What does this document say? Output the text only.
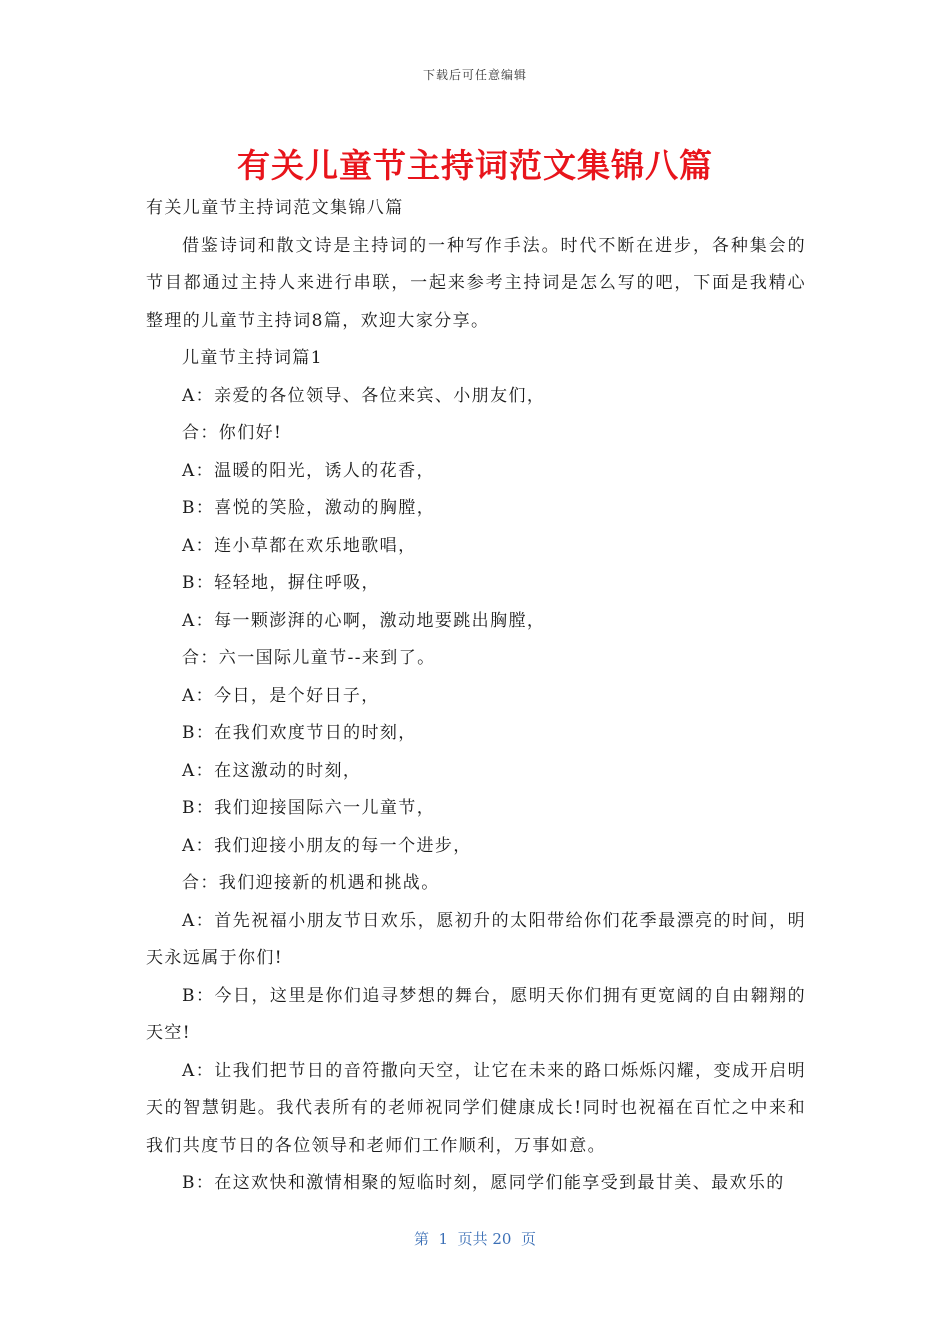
下载后可任意编辑
有关儿童节主持词范文集锦八篇

有关儿童节主持词范文集锦八篇

借鉴诗词和散文诗是主持词的一种写作手法。时代不断在进步，各种集会的节目都通过主持人来进行串联，一起来参考主持词是怎么写的吧，下面是我精心整理的儿童节主持词8篇，欢迎大家分享。

儿童节主持词篇1

A：亲爱的各位领导、各位来宾、小朋友们，

合：你们好!

A：温暖的阳光，诱人的花香，

B：喜悦的笑脸，激动的胸膛，

A：连小草都在欢乐地歌唱，

B：轻轻地，摒住呼吸，

A：每一颗澎湃的心啊，激动地要跳出胸膛，

合：六一国际儿童节--来到了。

A：今日，是个好日子，

B：在我们欢度节日的时刻，

A：在这激动的时刻，

B：我们迎接国际六一儿童节，

A：我们迎接小朋友的每一个进步，

合：我们迎接新的机遇和挑战。

A：首先祝福小朋友节日欢乐，愿初升的太阳带给你们花季最漂亮的时间，明天永远属于你们!

B：今日，这里是你们追寻梦想的舞台，愿明天你们拥有更宽阔的自由翱翔的天空!

A：让我们把节日的音符撒向天空，让它在未来的路口烁烁闪耀，变成开启明天的智慧钥匙。我代表所有的老师祝同学们健康成长!同时也祝福在百忙之中来和我们共度节日的各位领导和老师们工作顺利，万事如意。

B：在这欢快和激情相聚的短临时刻，愿同学们能享受到最甘美、最欢乐的

第  1  页共 20  页
